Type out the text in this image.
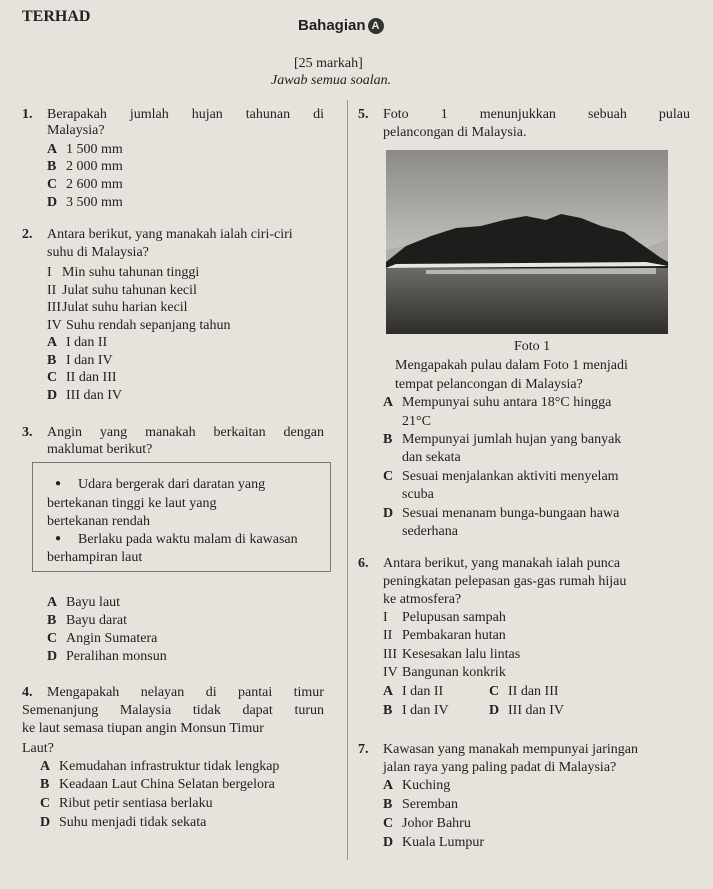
TERHAD
Bahagian A
[25 markah]
Jawab semua soalan.
1. Berapakah jumlah hujan tahunan di
Malaysia?
A 1 500 mm
B 2 000 mm
C 2 600 mm
D 3 500 mm
2. Antara berikut, yang manakah ialah ciri-ciri
suhu di Malaysia?
I Min suhu tahunan tinggi
II Julat suhu tahunan kecil
IIIJulat suhu harian kecil
IV Suhu rendah sepanjang tahun
A I dan II
B I dan IV
C II dan III
D III dan IV
3. Angin yang manakah berkaitan dengan
maklumat berikut?
● Udara bergerak dari daratan yang
bertekanan tinggi ke laut yang
bertekanan rendah
● Berlaku pada waktu malam di kawasan
berhampiran laut
A Bayu laut
B Bayu darat
C Angin Sumatera
D Peralihan monsun
4. Mengapakah nelayan di pantai timur
Semenanjung Malaysia tidak dapat turun
ke laut semasa tiupan angin Monsun Timur
Laut?
A Kemudahan infrastruktur tidak lengkap
B Keadaan Laut China Selatan bergelora
C Ribut petir sentiasa berlaku
D Suhu menjadi tidak sekata
5. Foto 1 menunjukkan sebuah pulau
pelancongan di Malaysia.
Foto 1
Mengapakah pulau dalam Foto 1 menjadi
tempat pelancongan di Malaysia?
A Mempunyai suhu antara 18°C hingga
21°C
B Mempunyai jumlah hujan yang banyak
dan sekata
C Sesuai menjalankan aktiviti menyelam
scuba
D Sesuai menanam bunga-bungaan hawa
sederhana
6. Antara berikut, yang manakah ialah punca
peningkatan pelepasan gas-gas rumah hijau
ke atmosfera?
I Pelupusan sampah
II Pembakaran hutan
III Kesesakan lalu lintas
IV Bangunan konkrik
A I dan II	C II dan III
B I dan IV	D III dan IV
7. Kawasan yang manakah mempunyai jaringan
jalan raya yang paling padat di Malaysia?
A Kuching
B Seremban
C Johor Bahru
D Kuala Lumpur
